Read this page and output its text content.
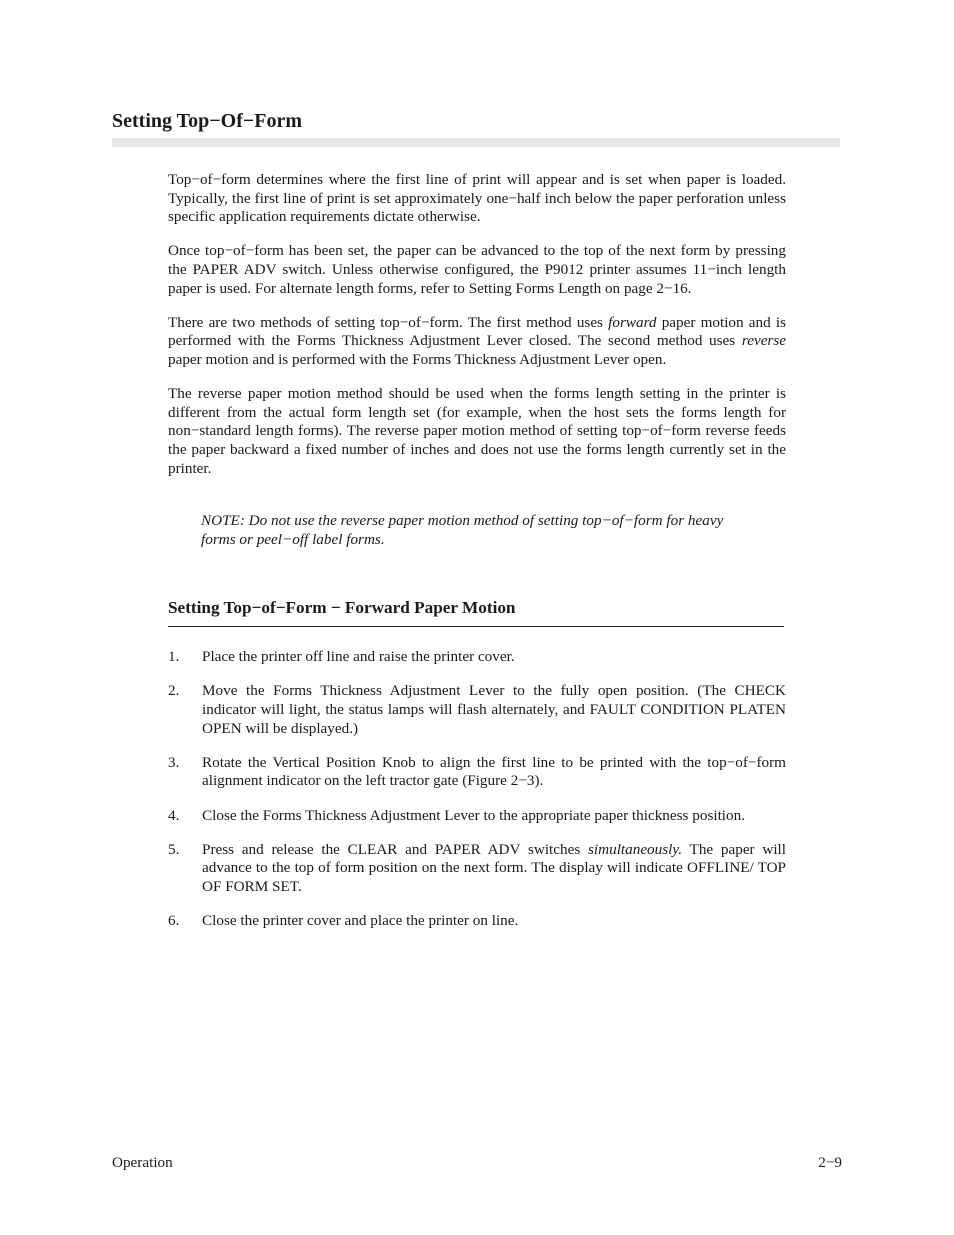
Setting Top−Of−Form

Top−of−form determines where the first line of print will appear and is set when paper is loaded. Typically, the first line of print is set approximately one−half inch below the paper perforation unless specific application requirements dictate otherwise.

Once top−of−form has been set, the paper can be advanced to the top of the next form by pressing the PAPER ADV switch. Unless otherwise configured, the P9012 printer assumes 11−inch length paper is used. For alternate length forms, refer to Setting Forms Length on page 2−16.

There are two methods of setting top−of−form. The first method uses forward paper motion and is performed with the Forms Thickness Adjustment Lever closed. The second method uses reverse paper motion and is performed with the Forms Thickness Adjustment Lever open.

The reverse paper motion method should be used when the forms length setting in the printer is different from the actual form length set (for example, when the host sets the forms length for non−standard length forms). The reverse paper motion method of setting top−of−form reverse feeds the paper backward a fixed number of inches and does not use the forms length currently set in the printer.

NOTE: Do not use the reverse paper motion method of setting top−of−form for heavy forms or peel−off label forms.
Setting Top−of−Form − Forward Paper Motion
1.	Place the printer off line and raise the printer cover.
2.	Move the Forms Thickness Adjustment Lever to the fully open position. (The CHECK indicator will light, the status lamps will flash alternately, and FAULT CONDITION PLATEN OPEN will be displayed.)
3.	Rotate the Vertical Position Knob to align the first line to be printed with the top−of−form alignment indicator on the left tractor gate (Figure 2−3).
4.	Close the Forms Thickness Adjustment Lever to the appropriate paper thickness position.
5.	Press and release the CLEAR and PAPER ADV switches simultaneously. The paper will advance to the top of form position on the next form. The display will indicate OFFLINE/ TOP OF FORM SET.
6.	Close the printer cover and place the printer on line.
Operation	2−9
